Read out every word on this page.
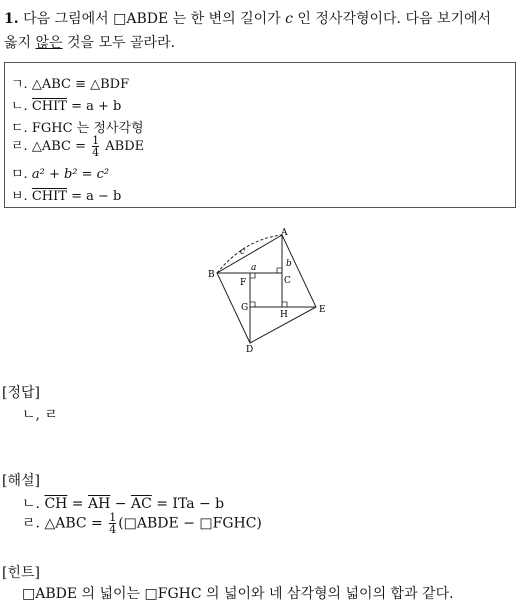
1. 다음 그림에서 □ABDE 는 한 변의 길이가 c 인 정사각형이다. 다음 보기에서
옳지 않은 것을 모두 골라라.
ㄱ. △ABC ≡ △BDF
ㄴ. CHIT = a + b
ㄷ. FGHC 는 정사각형
ㄹ. △ABC = $\frac{1}{4}$ ABDE
ㅁ. a² + b² = c²
ㅂ. CHIT = a − b
A
B
C
D
E
F
G
H
a	b
c
[정답]
ㄴ, ㄹ
[해설]
ㄴ. $\overline{CH} = \overline{AH} - \overline{AC}$ = ITa − b
ㄹ. △ABC = $\frac{1}{4}$ (□ABDE − □FGHC)
[힌트]
□ABDE 의 넓이는 □FGHC 의 넓이와 네 삼각형의 넓이의 합과 같다.
